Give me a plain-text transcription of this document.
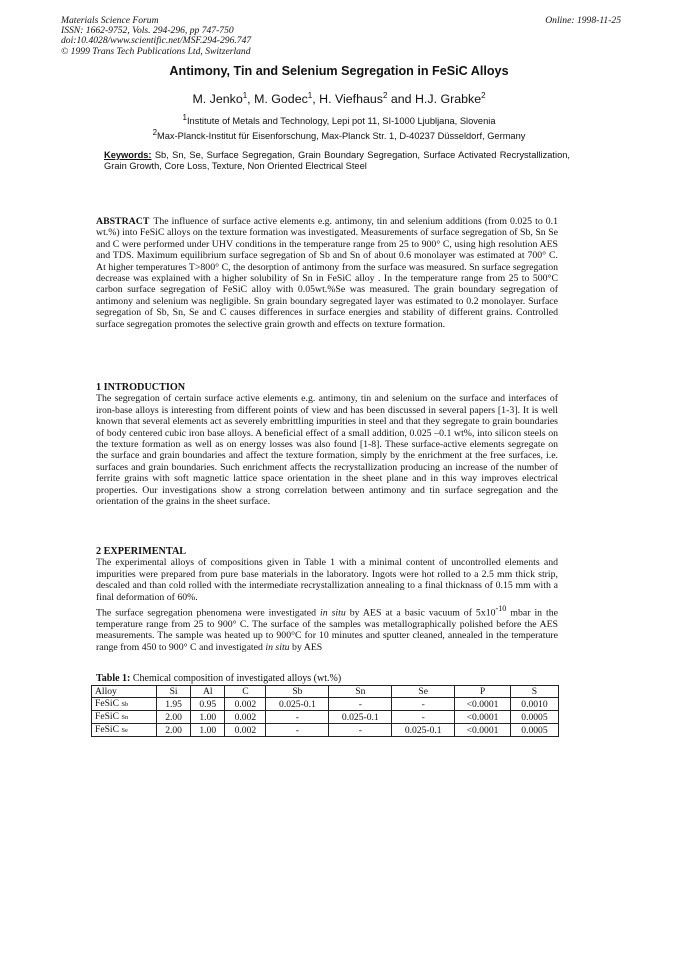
Materials Science Forum
ISSN: 1662-9752, Vols. 294-296, pp 747-750
doi:10.4028/www.scientific.net/MSF.294-296.747
© 1999 Trans Tech Publications Ltd, Switzerland
Online: 1998-11-25
Antimony, Tin and Selenium Segregation in FeSiC Alloys
M. Jenko$^1$, M. Godec$^1$, H. Viefhaus$^2$ and H.J. Grabke$^2$
$^1$Institute of Metals and Technology, Lepi pot 11, SI-1000 Ljubljana, Slovenia
$^2$Max-Planck-Institut für Eisenforschung, Max-Planck Str. 1, D-40237 Düsseldorf, Germany
Keywords: Sb, Sn, Se, Surface Segregation, Grain Boundary Segregation, Surface Activated Recrystallization, Grain Growth, Core Loss, Texture, Non Oriented Electrical Steel

ABSTRACT The influence of surface active elements e.g. antimony, tin and selenium additions (from 0.025 to 0.1 wt.%) into FeSiC alloys on the texture formation was investigated. Measurements of surface segregation of Sb, Sn Se and C were performed under UHV conditions in the temperature range from 25 to 900° C, using high resolution AES and TDS. Maximum equilibrium surface segregation of Sb and Sn of about 0.6 monolayer was estimated at 700° C. At higher temperatures T>800° C, the desorption of antimony from the surface was measured. Sn surface segregation decrease was explained with a higher solubility of Sn in FeSiC alloy . In the temperature range from 25 to 500°C carbon surface segregation of FeSiC alloy with 0.05wt.%Se was measured. The grain boundary segregation of antimony and selenium was negligible. Sn grain boundary segregated layer was estimated to 0.2 monolayer. Surface segregation of Sb, Sn, Se and C causes differences in surface energies and stability of different grains. Controlled surface segregation promotes the selective grain growth and effects on texture formation.

1 INTRODUCTION

The segregation of certain surface active elements e.g. antimony, tin and selenium on the surface and interfaces of iron-base alloys is interesting from different points of view and has been discussed in several papers [1-3]. It is well known that several elements act as severely embrittling impurities in steel and that they segregate to grain boundaries of body centered cubic iron base alloys. A beneficial effect of a small addition, 0.025 –0.1 wt%, into silicon steels on the texture formation as well as on energy losses was also found [1-8]. These surface-active elements segregate on the surface and grain boundaries and affect the texture formation, simply by the enrichment at the free surfaces, i.e. surfaces and grain boundaries. Such enrichment affects the recrystallization producing an increase of the number of ferrite grains with soft magnetic lattice space orientation in the sheet plane and in this way improves electrical properties. Our investigations show a strong correlation between antimony and tin surface segregation and the orientation of the grains in the sheet surface.

2 EXPERIMENTAL

The experimental alloys of compositions given in Table 1 with a minimal content of uncontrolled elements and impurities were prepared from pure base materials in the laboratory. Ingots were hot rolled to a 2.5 mm thick strip, descaled and than cold rolled with the intermediate recrystallization annealing to a final thicknass of 0.15 mm with a final deformation of 60%.

The surface segregation phenomena were investigated in situ by AES at a basic vacuum of $5x10^{-10}$ mbar in the temperature range from 25 to 900° C. The surface of the samples was metallographically polished before the AES measurements. The sample was heated up to 900°C for 10 minutes and sputter cleaned, annealed in the temperature range from 450 to 900° C and investigated in situ by AES

Table 1: Chemical composition of investigated alloys (wt.%)
Alloy	Si	Al	C	Sb	Sn	Se	P	S
FeSiC Sb	1.95	0.95	0.002	0.025-0.1	-	-	<0.0001	0.0010
FeSiC Sn	2.00	1.00	0.002	-	0.025-0.1	-	<0.0001	0.0005
FeSiC Se	2.00	1.00	0.002	-	-	0.025-0.1	<0.0001	0.0005
